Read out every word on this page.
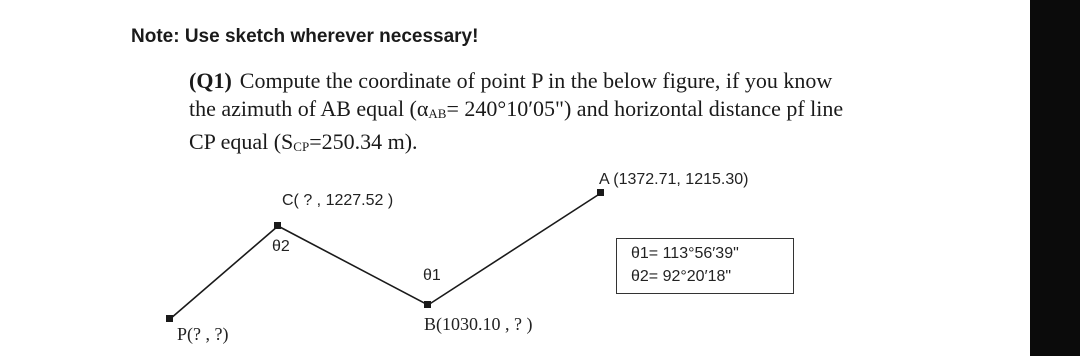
Note: Use sketch wherever necessary!
(Q1) Compute the coordinate of point P in the below figure, if you know
the azimuth of AB equal ($\alpha_{AB}=$ 240°10′05") and horizontal distance pf line
CP equal ($S_{CP}=250.34$ m).
A (1372.71, 1215.30)
C( ? , 1227.52 )
θ2
θ1
B(1030.10 , ? )
P(? , ?)
θ1= 113°56′39"
θ2= 92°20′18"
